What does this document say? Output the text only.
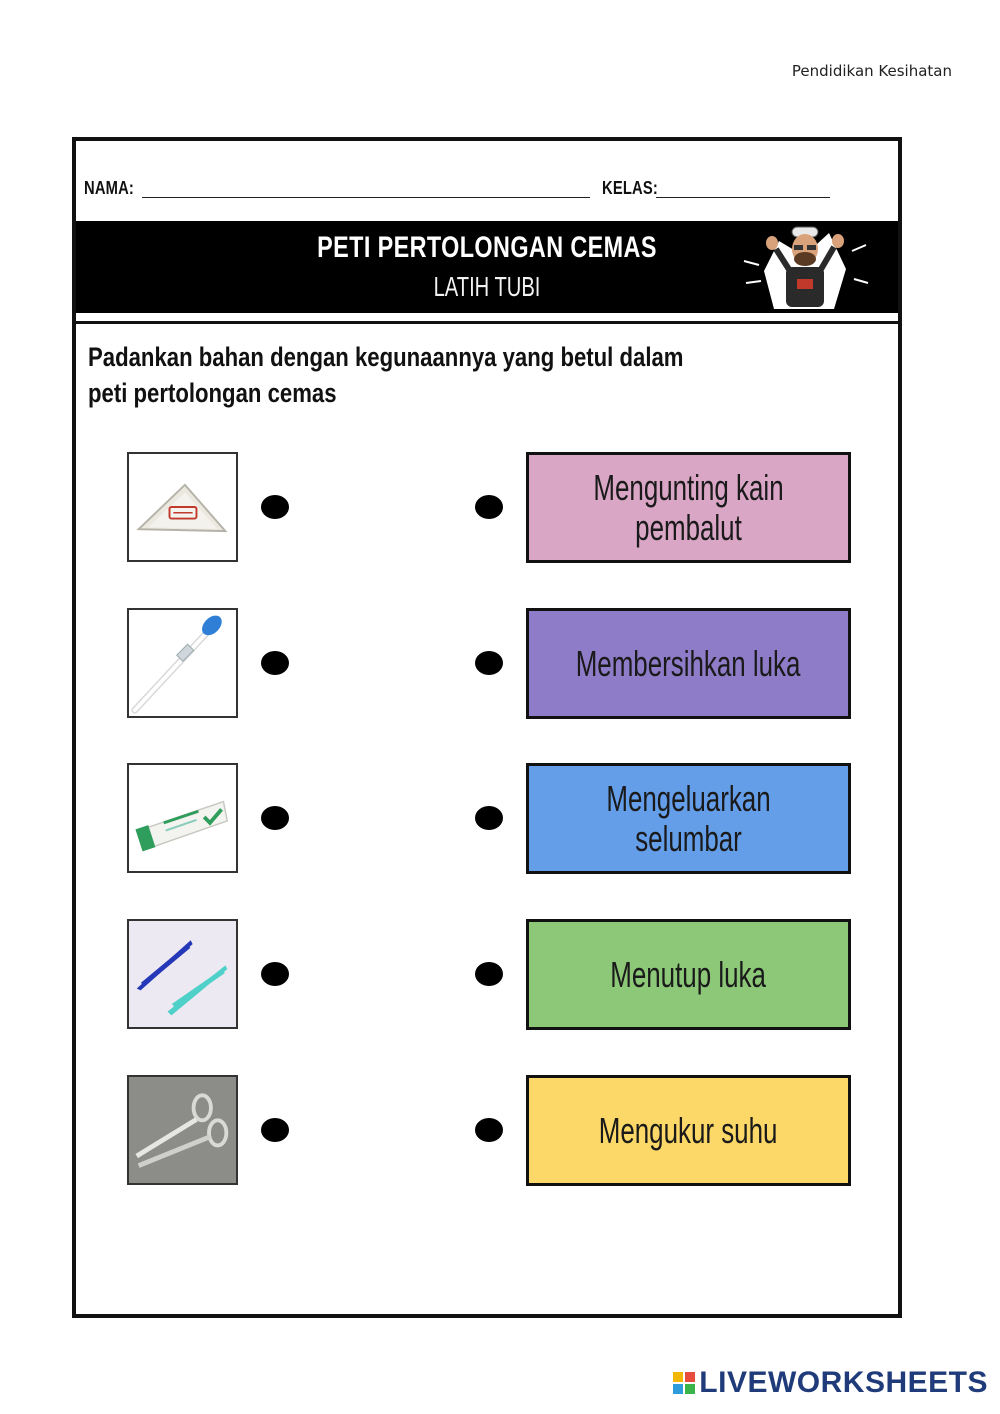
Pendidikan Kesihatan
NAMA:	KELAS:
PETI PERTOLONGAN CEMAS
LATIH TUBI
Padankan bahan dengan kegunaannya yang betul dalam peti pertolongan cemas
Mengunting kain pembalut
Membersihkan luka
Mengeluarkan selumbar
Menutup luka
Mengukur suhu
LIVEWORKSHEETS
